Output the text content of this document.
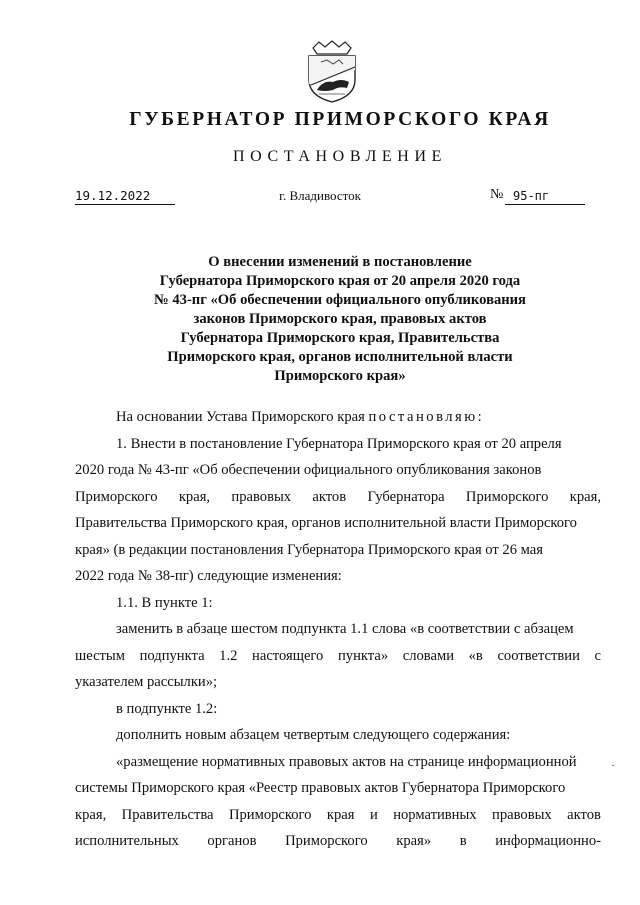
ГУБЕРНАТОР ПРИМОРСКОГО КРАЯ
ПОСТАНОВЛЕНИЕ
19.12.2022	г. Владивосток	№ 95-пг
О внесении изменений в постановление
Губернатора Приморского края от 20 апреля 2020 года
№ 43-пг «Об обеспечении официального опубликования
законов Приморского края, правовых актов
Губернатора Приморского края, Правительства
Приморского края, органов исполнительной власти
Приморского края»
На основании Устава Приморского края постановляю:
1. Внести в постановление Губернатора Приморского края от 20 апреля
2020 года № 43-пг «Об обеспечении официального опубликования законов
Приморского края, правовых актов Губернатора Приморского края,
Правительства Приморского края, органов исполнительной власти Приморского
края» (в редакции постановления Губернатора Приморского края от 26 мая
2022 года № 38-пг) следующие изменения:
1.1. В пункте 1:
заменить в абзаце шестом подпункта 1.1 слова «в соответствии с абзацем
шестым подпункта 1.2 настоящего пункта» словами «в соответствии с
указателем рассылки»;
в подпункте 1.2:
дополнить новым абзацем четвертым следующего содержания:
«размещение нормативных правовых актов на странице информационной
системы Приморского края «Реестр правовых актов Губернатора Приморского
края, Правительства Приморского края и нормативных правовых актов
исполнительных органов Приморского края» в информационно-
·
